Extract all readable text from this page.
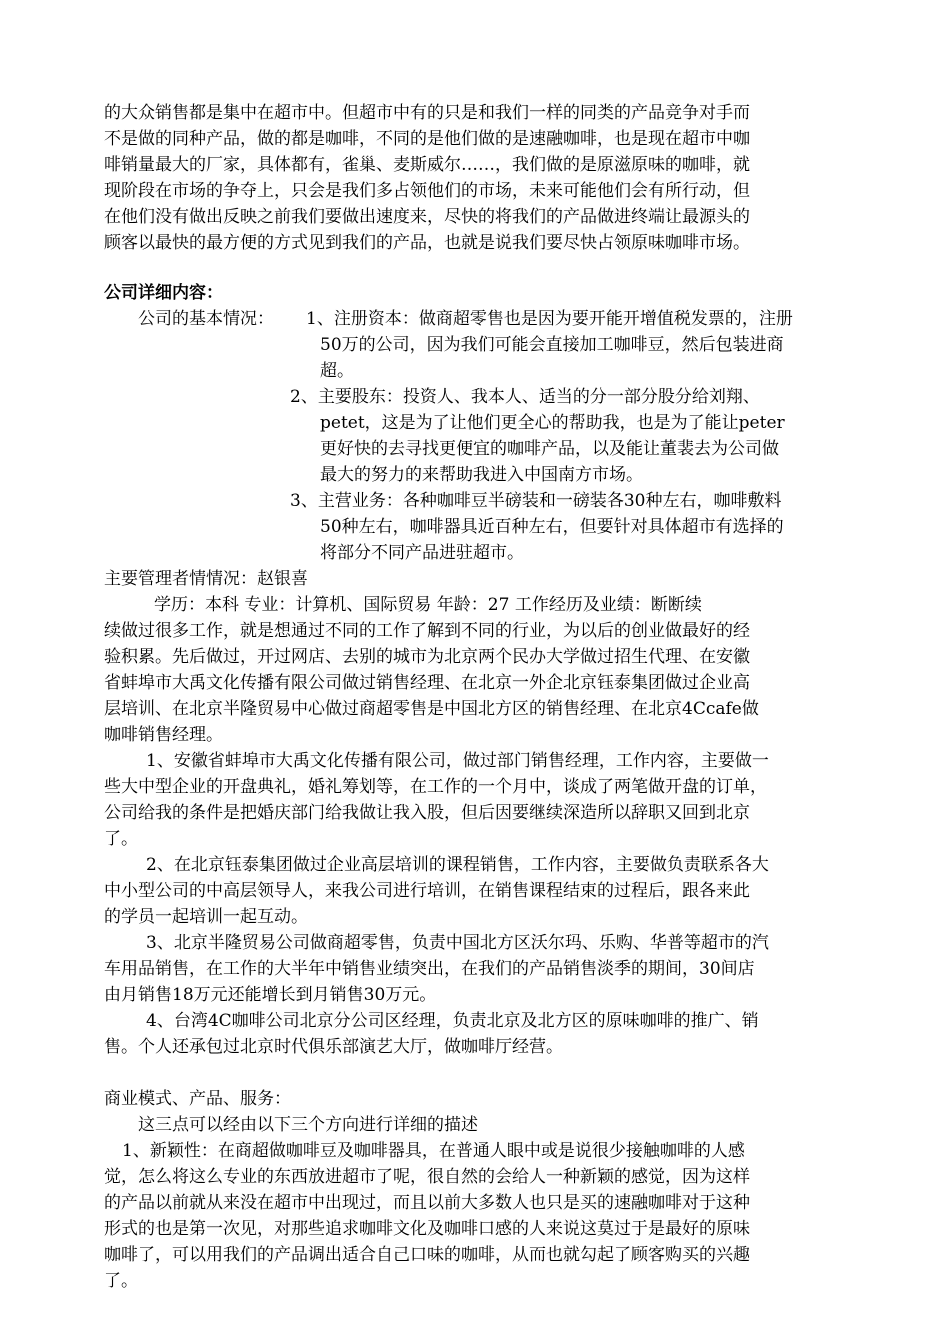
的大众销售都是集中在超市中。但超市中有的只是和我们一样的同类的产品竞争对手而
不是做的同种产品，做的都是咖啡，不同的是他们做的是速融咖啡，也是现在超市中咖
啡销量最大的厂家，具体都有，雀巢、麦斯威尔……，我们做的是原滋原味的咖啡，就
现阶段在市场的争夺上，只会是我们多占领他们的市场，未来可能他们会有所行动，但
在他们没有做出反映之前我们要做出速度来，尽快的将我们的产品做进终端让最源头的
顾客以最快的最方便的方式见到我们的产品，也就是说我们要尽快占领原味咖啡市场。
公司详细内容：
公司的基本情况：	1、注册资本：做商超零售也是因为要开能开增值税发票的，注册
50万的公司，因为我们可能会直接加工咖啡豆，然后包装进商
超。
2、主要股东：投资人、我本人、适当的分一部分股分给刘翔、
petet，这是为了让他们更全心的帮助我，也是为了能让peter
更好快的去寻找更便宜的咖啡产品，以及能让董裴去为公司做
最大的努力的来帮助我进入中国南方市场。
3、主营业务：各种咖啡豆半磅装和一磅装各30种左右，咖啡敷料
50种左右，咖啡器具近百种左右，但要针对具体超市有选择的
将部分不同产品进驻超市。
主要管理者情情况：赵银喜
学历：本科 专业：计算机、国际贸易 年龄：27 工作经历及业绩：断断续
续做过很多工作，就是想通过不同的工作了解到不同的行业，为以后的创业做最好的经
验积累。先后做过，开过网店、去别的城市为北京两个民办大学做过招生代理、在安徽
省蚌埠市大禹文化传播有限公司做过销售经理、在北京一外企北京钰泰集团做过企业高
层培训、在北京半隆贸易中心做过商超零售是中国北方区的销售经理、在北京4Ccafe做
咖啡销售经理。
1、安徽省蚌埠市大禹文化传播有限公司，做过部门销售经理，工作内容，主要做一
些大中型企业的开盘典礼，婚礼筹划等，在工作的一个月中，谈成了两笔做开盘的订单，
公司给我的条件是把婚庆部门给我做让我入股，但后因要继续深造所以辞职又回到北京
了。
2、在北京钰泰集团做过企业高层培训的课程销售，工作内容，主要做负责联系各大
中小型公司的中高层领导人，来我公司进行培训，在销售课程结束的过程后，跟各来此
的学员一起培训一起互动。
3、北京半隆贸易公司做商超零售，负责中国北方区沃尔玛、乐购、华普等超市的汽
车用品销售，在工作的大半年中销售业绩突出，在我们的产品销售淡季的期间，30间店
由月销售18万元还能增长到月销售30万元。
4、台湾4C咖啡公司北京分公司区经理，负责北京及北方区的原味咖啡的推广、销
售。个人还承包过北京时代俱乐部演艺大厅，做咖啡厅经营。
商业模式、产品、服务：
这三点可以经由以下三个方向进行详细的描述
1、新颖性：在商超做咖啡豆及咖啡器具，在普通人眼中或是说很少接触咖啡的人感
觉，怎么将这么专业的东西放进超市了呢，很自然的会给人一种新颖的感觉，因为这样
的产品以前就从来没在超市中出现过，而且以前大多数人也只是买的速融咖啡对于这种
形式的也是第一次见，对那些追求咖啡文化及咖啡口感的人来说这莫过于是最好的原味
咖啡了，可以用我们的产品调出适合自己口味的咖啡，从而也就勾起了顾客购买的兴趣
了。
